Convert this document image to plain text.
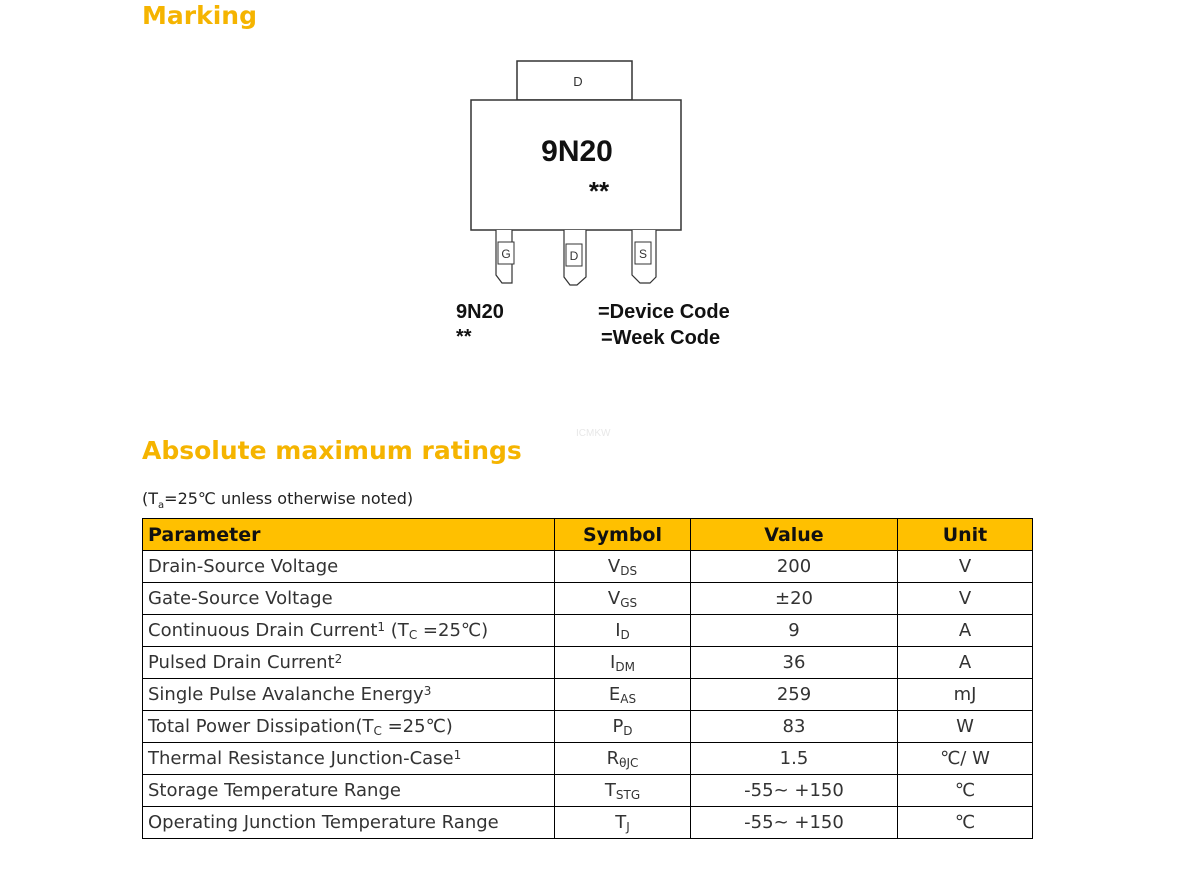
Marking
D
9N20
**
G	D	S
9N20	=Device Code
**	=Week Code
ICMKW
Absolute maximum ratings
($T_a=25℃$ unless otherwise noted)
Parameter	Symbol	Value	Unit
Drain-Source Voltage	$V_{DS}$	200	V
Gate-Source Voltage	$V_{GS}$	±20	V
Continuous Drain Current$^1$ ($T_C$ =25℃)	$I_D$	9	A
Pulsed Drain Current$^2$	$I_{DM}$	36	A
Single Pulse Avalanche Energy$^3$	$E_{AS}$	259	mJ
Total Power $Dissipation(T_C$ =25℃)	$P_D$	83	W
Thermal Resistance Junction-Case$^1$	$R_{\theta JC}$	1.5	℃/ W
Storage Temperature Range	$T_{STG}$	-55~ +150	℃
Operating Junction Temperature Range	$T_J$	-55~ +150	℃
